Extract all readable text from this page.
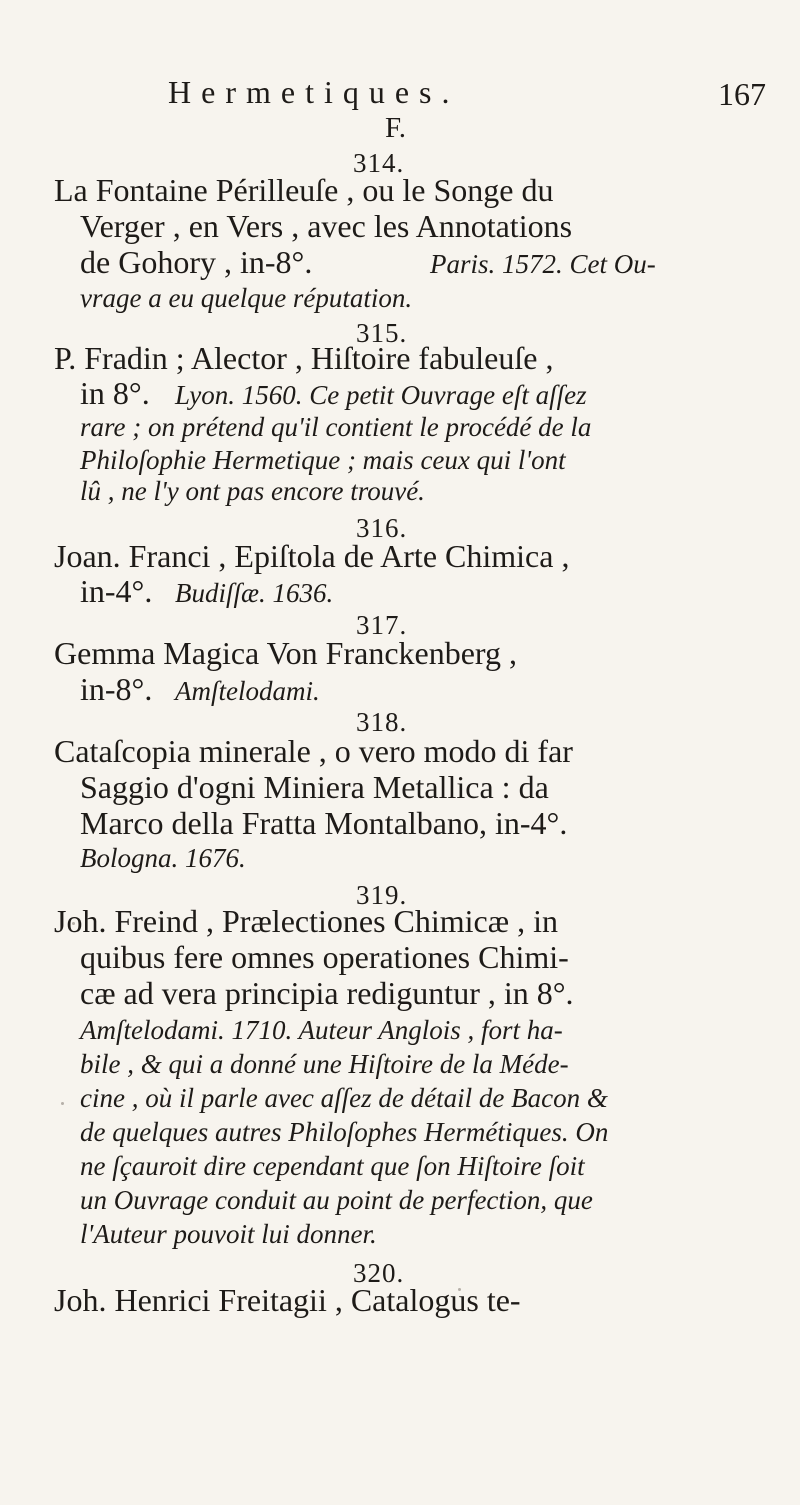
Hermetiques.	167
F.
314.
La Fontaine Périlleuſe , ou le Songe du
Verger , en Vers , avec les Annotations
de Gohory , in-8°.	Paris. 1572. Cet Ou-
vrage a eu quelque réputation.
315.
P. Fradin ; Alector , Hiſtoire fabuleuſe ,
in 8°. Lyon. 1560. Ce petit Ouvrage eſt aſſez
rare ; on prétend qu'il contient le procédé de la
Philoſophie Hermetique ; mais ceux qui l'ont
lû , ne l'y ont pas encore trouvé.
316.
Joan. Franci , Epiſtola de Arte Chimica ,
in-4°. Budiſſæ. 1636.
317.
Gemma Magica Von Franckenberg ,
in-8°. Amſtelodami.
318.
Cataſcopia minerale , o vero modo di far
Saggio d'ogni Miniera Metallica : da
Marco della Fratta Montalbano, in-4°.
Bologna. 1676.
319.
Joh. Freind , Prælectiones Chimicæ , in
quibus fere omnes operationes Chimi-
cæ ad vera principia rediguntur , in 8°.
Amſtelodami. 1710. Auteur Anglois , fort ha-
bile , & qui a donné une Hiſtoire de la Méde-
cine , où il parle avec aſſez de détail de Bacon &
de quelques autres Philoſophes Hermétiques. On
ne ſçauroit dire cependant que ſon Hiſtoire ſoit
un Ouvrage conduit au point de perfection, que
l'Auteur pouvoit lui donner.
320.
Joh. Henrici Freitagii , Catalogus te-
